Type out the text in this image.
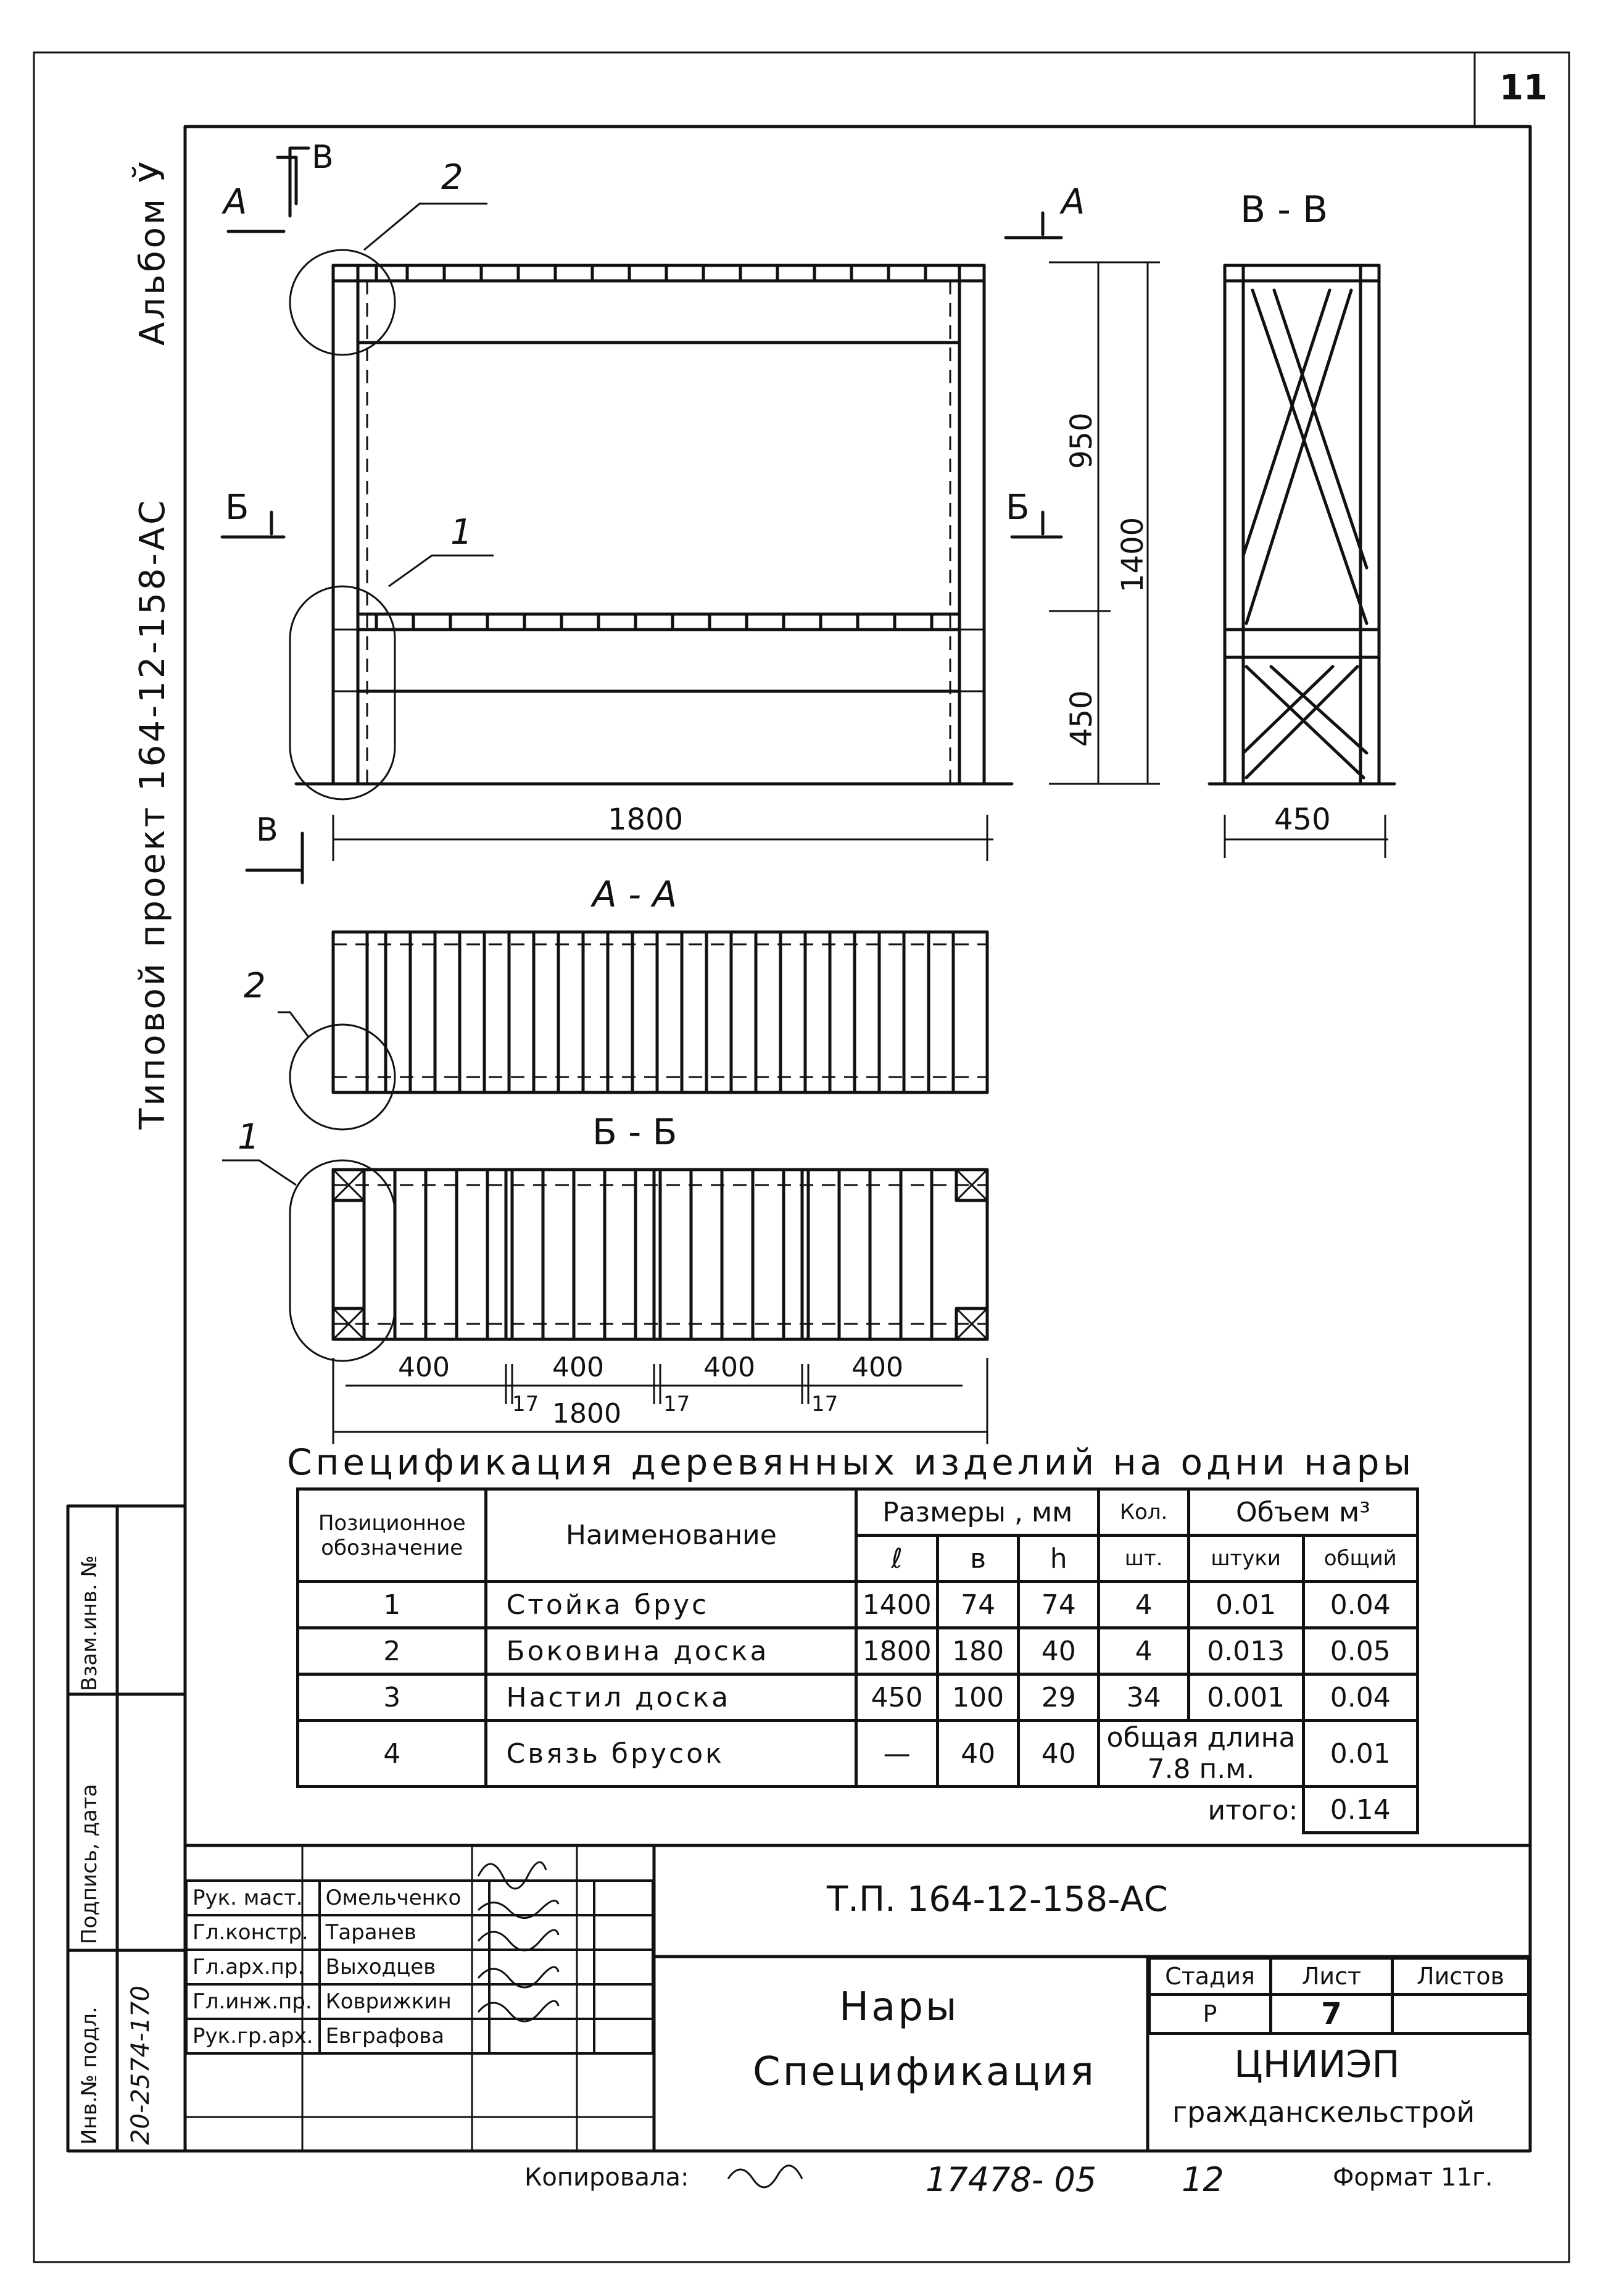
11
Альбом Ў
Типовой проект 164-12-158-АС
Взам.инв. №
Подпись, дата
Инв.№ подл. 20-2574-170
А
В
А
Б	Б
В
2
1
1800
950
1400
450
В - В
450
А - А
2
Б - Б
1
400	400	400	400
17	17	17
1800
Спецификация деревянных изделий на одни нары
Позиционное обозначение	Наименование	Размеры , мм			Кол.	Объем м³	
		ℓ	в	h	шт.	штуки	общий
1	Стойка брус	1400	74	74	4	0.01	0.04
2	Боковина доска	1800	180	40	4	0.013	0.05
3	Настил доска	450	100	29	34	0.001	0.04
4	Связь брусок	—	40	40	общая длина 7.8 п.м.		0.01
					итого:		0.14
Рук. маст.	Омельченко		
Гл.констр.	Таранев		
Гл.арх.пр.	Выходцев		
Гл.инж.пр.	Коврижкин		
Рук.гр.арх.	Евграфова		
Т.П. 164-12-158-АС
Нары
Спецификация
Стадия	Лист	Листов
Р	7	
ЦНИИЭП
гражданскельстрой
Копировала:	17478- 05	12	Формат 11г.
